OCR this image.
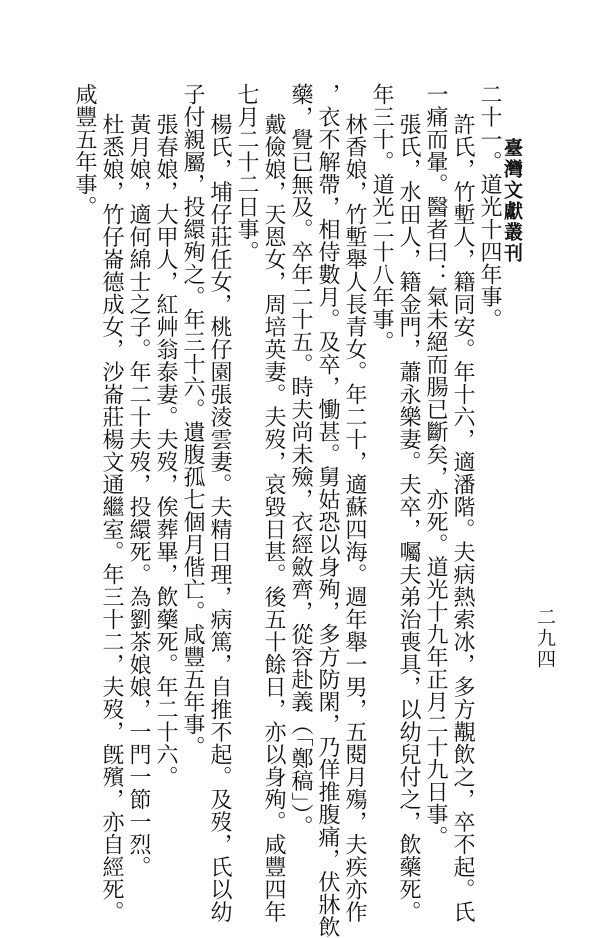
臺灣文獻叢刊
二九四
二十一。道光十四年事。
許氏，竹塹人，籍同安。年十六，適潘階。夫病熱索冰，多方覯飲之，卒不起。氏
一痛而暈。醫者曰：氣未絕而腸已斷矣，亦死。道光十九年正月二十九日事。
張氏，水田人，籍金門，蕭永樂妻。夫卒，囑夫弟治喪具，以幼兒付之，飲藥死。
年三十。道光二十八年事。
林香娘，竹塹舉人長青女。年二十，適蘇四海。週年舉一男，五閱月殤，夫疾亦作
，衣不解帶，相侍數月。及卒，慟甚。舅姑恐以身殉，多方防閑，乃佯推腹痛，伏牀飲
藥，覺已無及。卒年二十五。時夫尚未殮，衣經斂齊，從容赴義（「鄭稿」）。
戴儉娘，天恩女，周培英妻。夫歿，哀毀日甚。後五十餘日，亦以身殉。咸豐四年
七月二十二日事。
楊氏，埔仔莊任女，桃仔園張淩雲妻。夫精日理，病篤，自推不起。及歿，氏以幼
子付親屬，投繯殉之。年三十六。遺腹孤七個月偕亡。咸豐五年事。
張春娘，大甲人，紅艸翁泰妻。夫歿，俟葬畢，飲藥死。年二十六。
黃月娘，適何綿士之子。年二十夫歿，投繯死。為劉茶娘娘，一門一節一烈。
杜悉娘，竹仔崙德成女，沙崙莊楊文通繼室。年三十二，夫歿，旣殯，亦自經死。
咸豐五年事。
